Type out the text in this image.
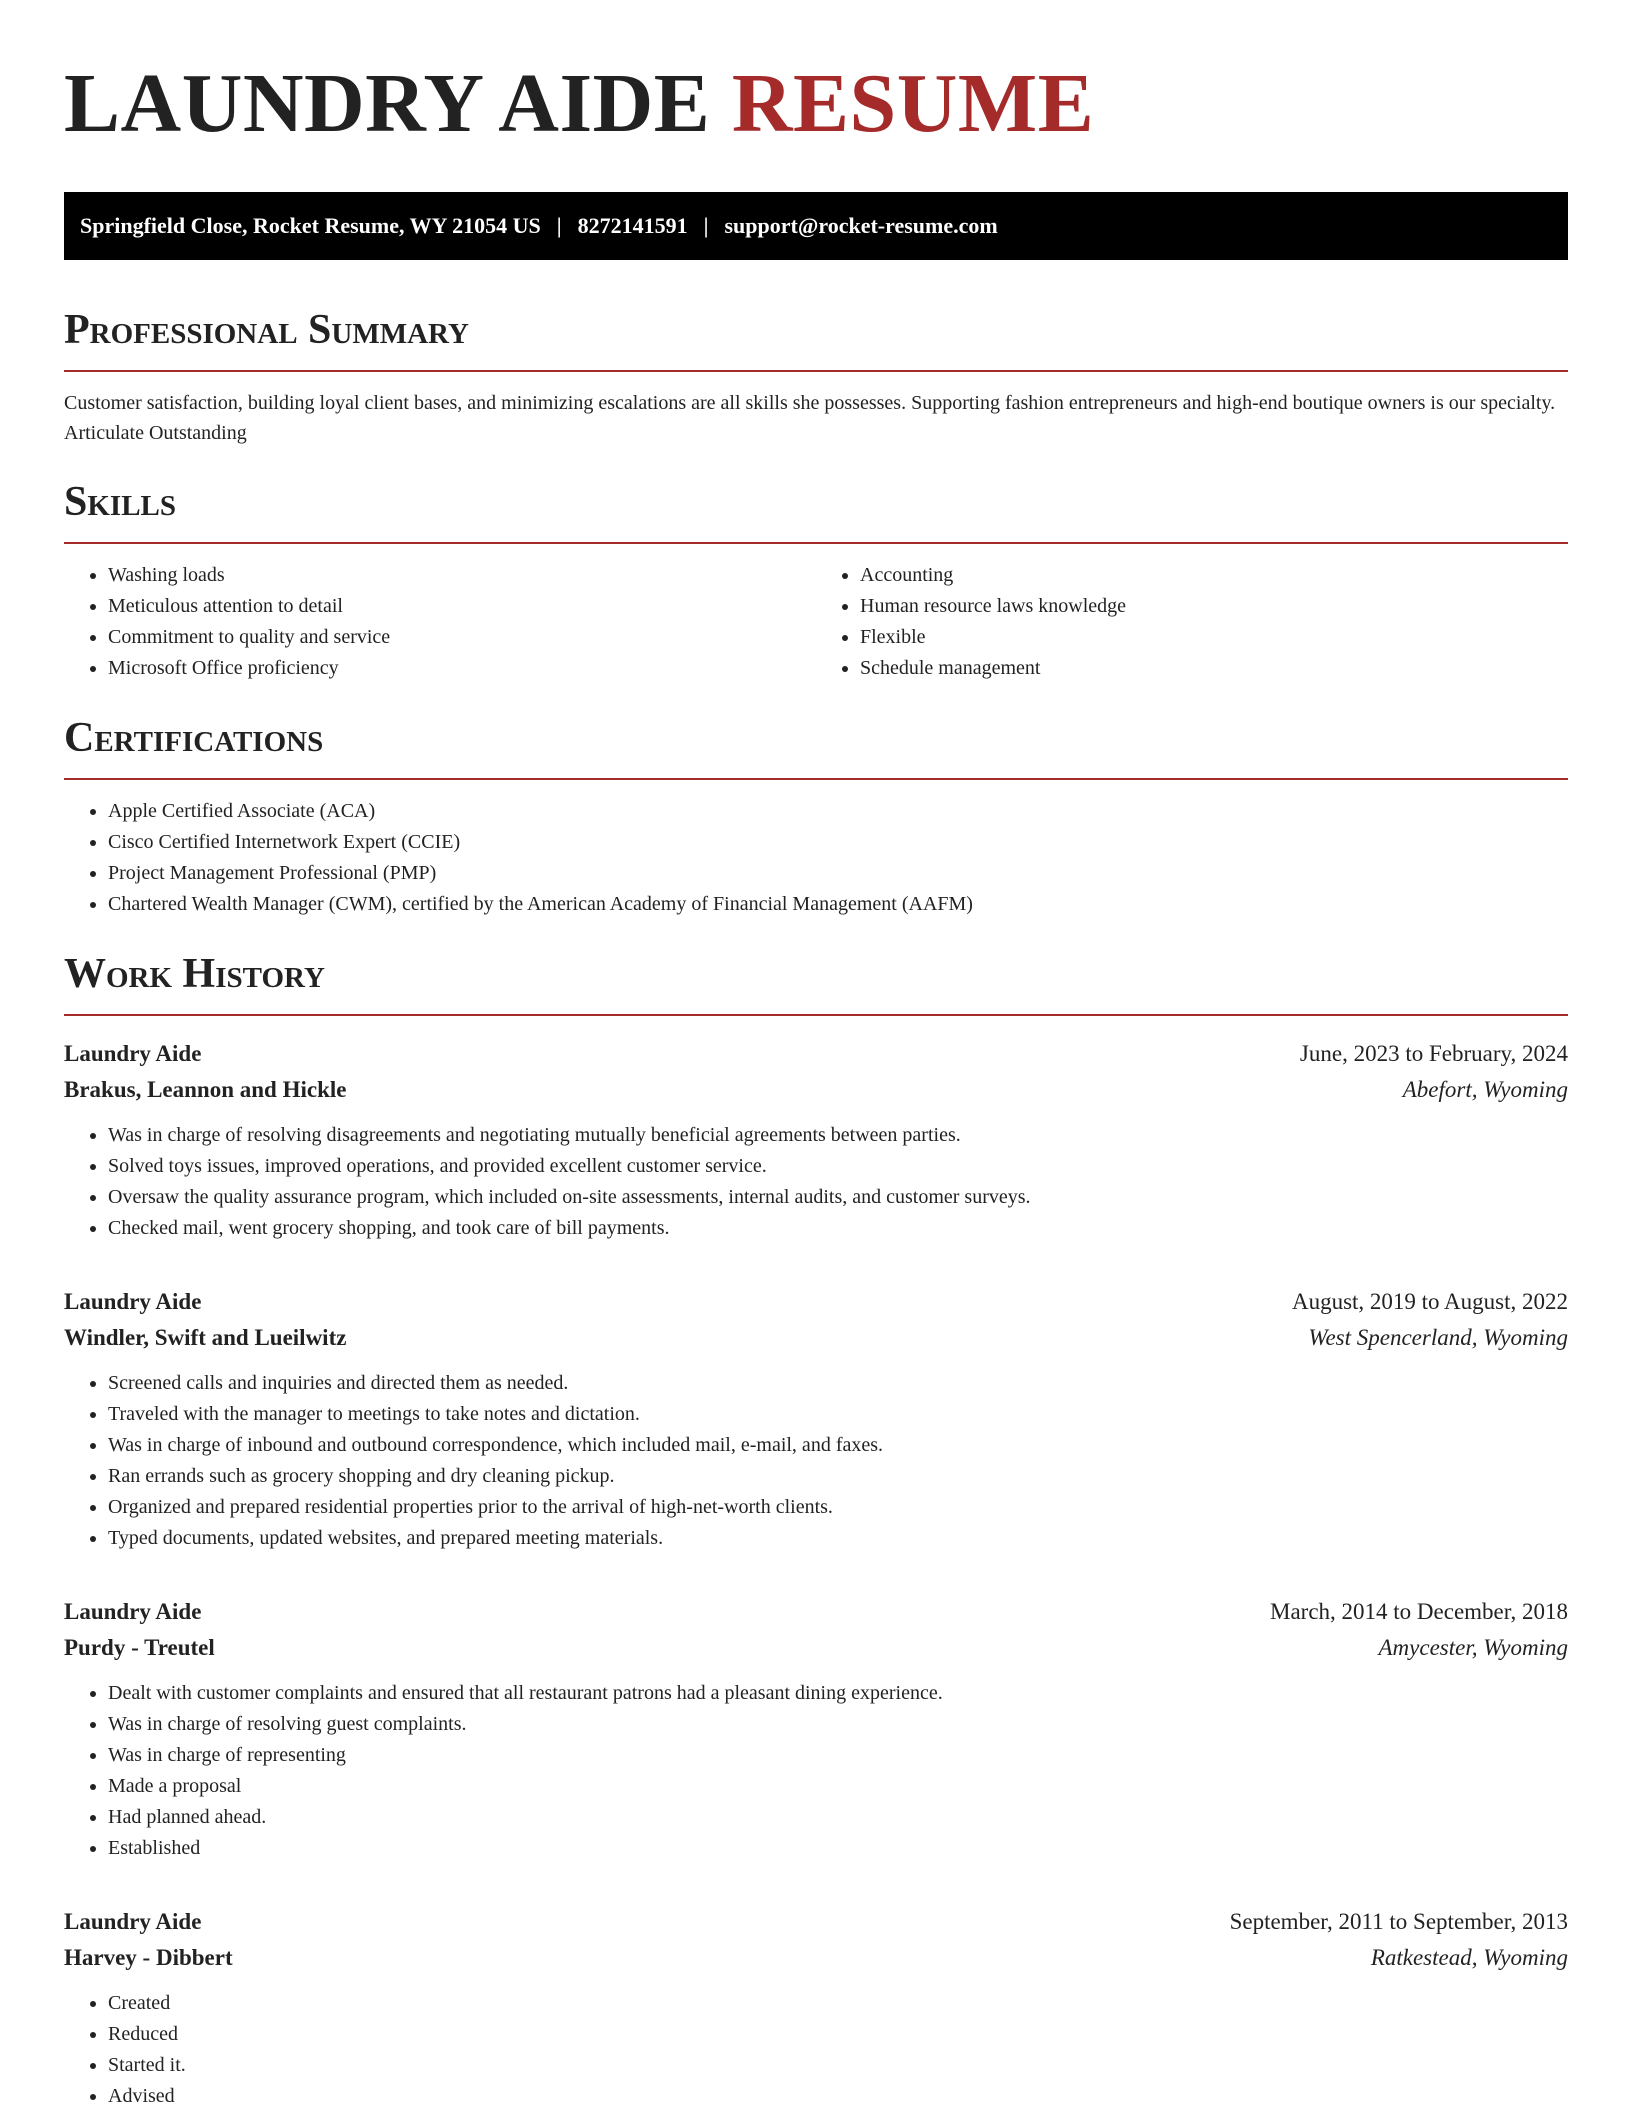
LAUNDRY AIDE RESUME
Springfield Close, Rocket Resume, WY 21054 US | 8272141591 | support@rocket-resume.com
Professional Summary

Customer satisfaction, building loyal client bases, and minimizing escalations are all skills she possesses. Supporting fashion entrepreneurs and high-end boutique owners is our specialty. Articulate Outstanding

Skills
• Washing loads
• Meticulous attention to detail
• Commitment to quality and service
• Microsoft Office proficiency
• Accounting
• Human resource laws knowledge
• Flexible
• Schedule management
Certifications
• Apple Certified Associate (ACA)
• Cisco Certified Internetwork Expert (CCIE)
• Project Management Professional (PMP)
• Chartered Wealth Manager (CWM), certified by the American Academy of Financial Management (AAFM)
Work History
Laundry Aide	June, 2023 to February, 2024
Brakus, Leannon and Hickle	Abefort, Wyoming
• Was in charge of resolving disagreements and negotiating mutually beneficial agreements between parties.
• Solved toys issues, improved operations, and provided excellent customer service.
• Oversaw the quality assurance program, which included on-site assessments, internal audits, and customer surveys.
• Checked mail, went grocery shopping, and took care of bill payments.
Laundry Aide	August, 2019 to August, 2022
Windler, Swift and Lueilwitz	West Spencerland, Wyoming
• Screened calls and inquiries and directed them as needed.
• Traveled with the manager to meetings to take notes and dictation.
• Was in charge of inbound and outbound correspondence, which included mail, e-mail, and faxes.
• Ran errands such as grocery shopping and dry cleaning pickup.
• Organized and prepared residential properties prior to the arrival of high-net-worth clients.
• Typed documents, updated websites, and prepared meeting materials.
Laundry Aide	March, 2014 to December, 2018
Purdy - Treutel	Amycester, Wyoming
• Dealt with customer complaints and ensured that all restaurant patrons had a pleasant dining experience.
• Was in charge of resolving guest complaints.
• Was in charge of representing
• Made a proposal
• Had planned ahead.
• Established
Laundry Aide	September, 2011 to September, 2013
Harvey - Dibbert	Ratkestead, Wyoming
• Created
• Reduced
• Started it.
• Advised
